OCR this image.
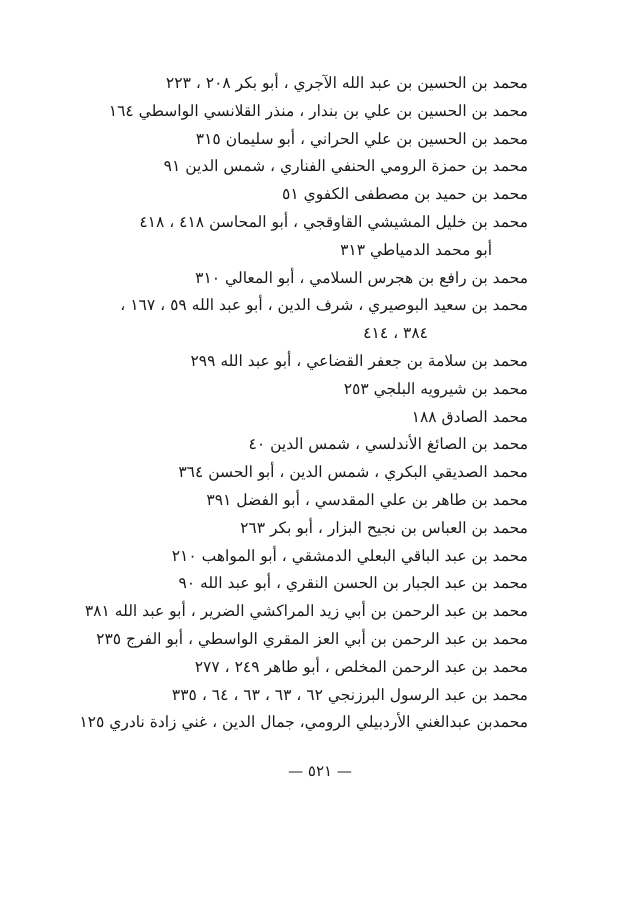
محمد بن الحسين بن عبد الله الآجري ، أبو بكر ٢٠٨ ، ٢٢٣
محمد بن الحسين بن علي بن بندار ، منذر القلانسي الواسطي ١٦٤
محمد بن الحسين بن علي الحراني ، أبو سليمان ٣١٥
محمد بن حمزة الرومي الحنفي الفناري ، شمس الدين ٩١
محمد بن حميد بن مصطفى الكفوي ٥١
محمد بن خليل المشيشي القاوقجي ، أبو المحاسن ٤١٨ ، ٤١٨
أبو محمد الدمياطي ٣١٣
محمد بن رافع بن هجرس السلامي ، أبو المعالي ٣١٠
محمد بن سعيد البوصيري ، شرف الدين ، أبو عبد الله ٥٩ ، ١٦٧ ،
٣٨٤ ، ٤١٤
محمد بن سلامة بن جعفر القضاعي ، أبو عبد الله ٢٩٩
محمد بن شيرويه البلجي ٢٥٣
محمد الصادق ١٨٨
محمد بن الصائغ الأندلسي ، شمس الدين ٤٠
محمد الصديقي البكري ، شمس الدين ، أبو الحسن ٣٦٤
محمد بن طاهر بن علي المقدسي ، أبو الفضل ٣٩١
محمد بن العباس بن نجيح البزار ، أبو بكر ٢٦٣
محمد بن عبد الباقي البعلي الدمشقي ، أبو المواهب ٢١٠
محمد بن عبد الجبار بن الحسن النقري ، أبو عبد الله ٩٠
محمد بن عبد الرحمن بن أبي زيد المراكشي الضرير ، أبو عبد الله ٣٨١
محمد بن عبد الرحمن بن أبي العز المقري الواسطي ، أبو الفرج ٢٣٥
محمد بن عبد الرحمن المخلص ، أبو طاهر ٢٤٩ ، ٢٧٧
محمد بن عبد الرسول البرزنجي ٦٢ ، ٦٣ ، ٦٣ ، ٦٤ ، ٣٣٥
محمدبن عبدالغني الأردبيلي الرومي، جمال الدين ، غني زادة نادري ١٢٥
— ٥٢١ —
